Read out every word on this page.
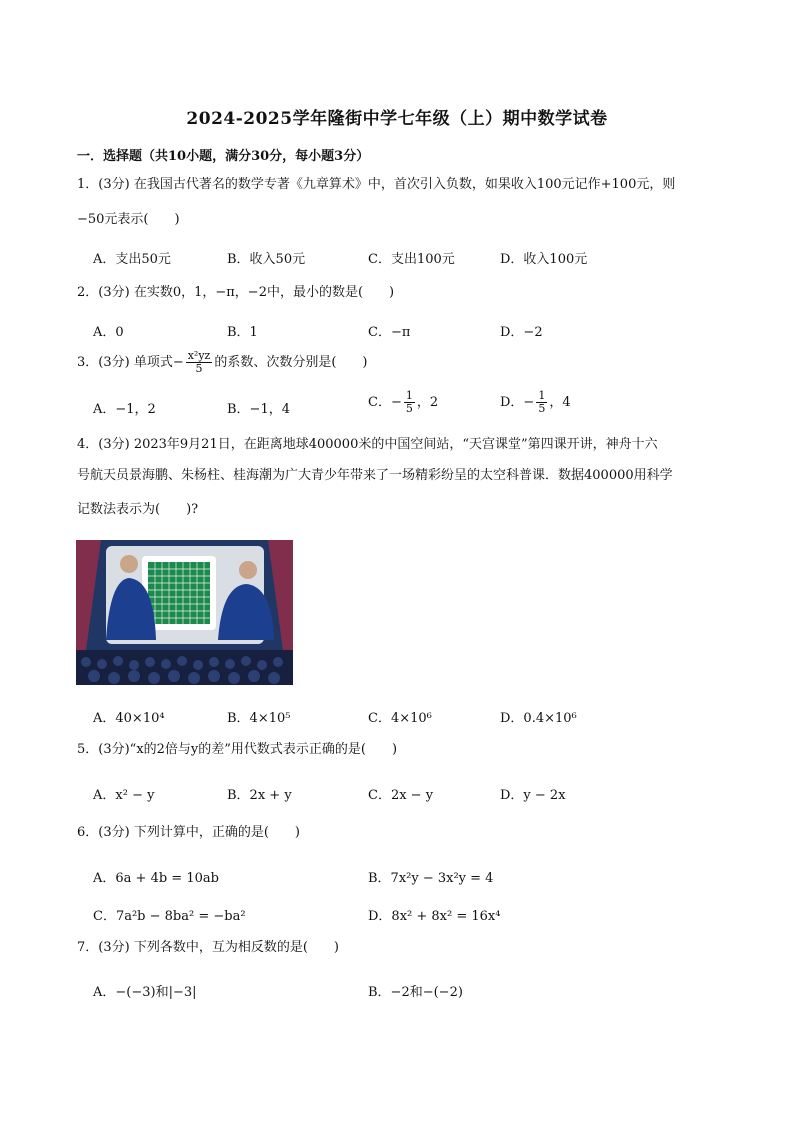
2024-2025学年隆街中学七年级（上）期中数学试卷
一．选择题（共10小题，满分30分，每小题3分）
1．(3分) 在我国古代著名的数学专著《九章算术》中，首次引入负数，如果收入100元记作+100元，则
−50元表示(　　)
A．支出50元	B．收入50元	C．支出100元	D．收入100元
2．(3分) 在实数0，1，−π，−2中，最小的数是(　　)
A．0	B．1	C．−π	D．−2
3．(3分) 单项式− $\frac{\text{x²yz}}{5}$ 的系数、次数分别是(　　)
A．−1，2	B．−1，4	C．− $\frac{1}{5}$ ，2	D．− $\frac{1}{5}$ ，4
4．(3分) 2023年9月21日，在距离地球400000米的中国空间站，“天宫课堂”第四课开讲，神舟十六
号航天员景海鹏、朱杨柱、桂海潮为广大青少年带来了一场精彩纷呈的太空科普课．数据400000用科学
记数法表示为(　　)?
A．40×10⁴	B．4×10⁵	C．4×10⁶	D．0.4×10⁶
5．(3分)“x的2倍与y的差”用代数式表示正确的是(　　)
A．x² − y	B．2x + y	C．2x − y	D．y − 2x
6．(3分) 下列计算中，正确的是(　　)
A．6a + 4b = 10ab	B．7x²y − 3x²y = 4
C．7a²b − 8ba² = −ba²	D．8x² + 8x² = 16x⁴
7．(3分) 下列各数中，互为相反数的是(　　)
A．−(−3)和|−3|	B．−2和−(−2)
